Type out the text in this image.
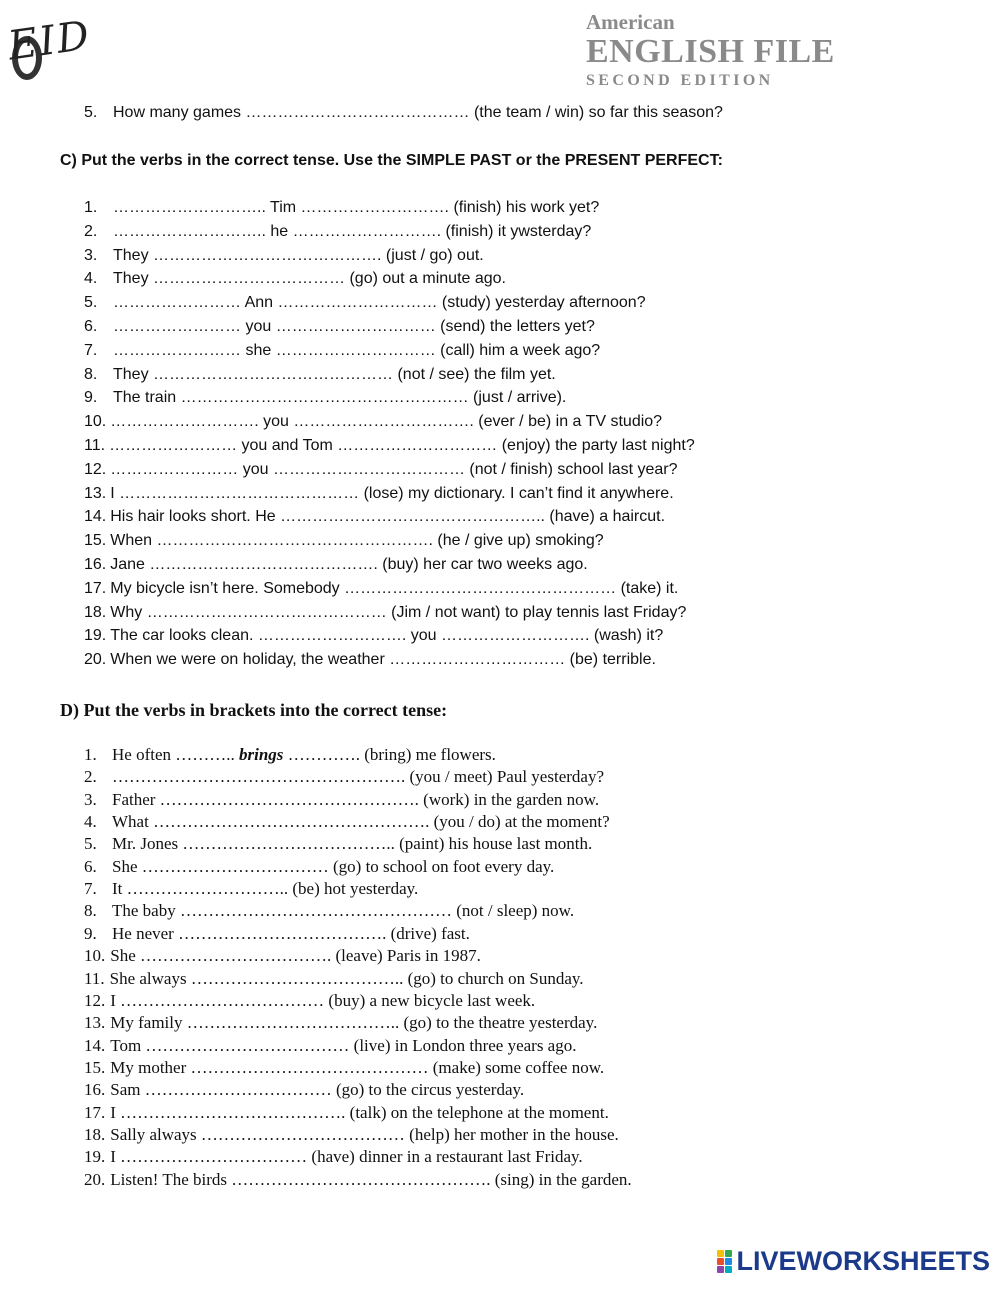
EID	American
ENGLISH FILE
SECOND EDITION
5. How many games …………………………………… (the team / win) so far this season?
C) Put the verbs in the correct tense. Use the SIMPLE PAST or the PRESENT PERFECT:
1. ……………………….. Tim ………………………. (finish) his work yet?
2. ……………………….. he ………………………. (finish) it ywsterday?
3. They ……………………………………. (just / go) out.
4. They ……………………………… (go) out a minute ago.
5. …………………… Ann ………………………… (study) yesterday afternoon?
6. …………………… you ………………………… (send) the letters yet?
7. …………………… she ………………………… (call) him a week ago?
8. They ……………………………………… (not / see) the film yet.
9. The train ……………………………………………… (just / arrive).
10. ………………………. you ……………………………. (ever / be) in a TV studio?
11. …………………… you and Tom ………………………… (enjoy) the party last night?
12. …………………… you ……………………………… (not / finish) school last year?
13. I ……………………………………… (lose) my dictionary. I can’t find it anywhere.
14. His hair looks short. He ………………………………………….. (have) a haircut.
15. When ……………………………………………. (he / give up) smoking?
16. Jane ……………………………………. (buy) her car two weeks ago.
17. My bicycle isn’t here. Somebody …………………………………………… (take) it.
18. Why ……………………………………… (Jim / not want) to play tennis last Friday?
19. The car looks clean. ………………………. you ………………………. (wash) it?
20. When we were on holiday, the weather …………………………… (be) terrible.
D) Put the verbs in brackets into the correct tense:
1. He often ……….. brings …………. (bring) me flowers.
2. ……………………………………………. (you / meet) Paul yesterday?
3. Father ………………………………………. (work) in the garden now.
4. What …………………………………………. (you / do) at the moment?
5. Mr. Jones ……………………………….. (paint) his house last month.
6. She …………………………… (go) to school on foot every day.
7. It ……………………….. (be) hot yesterday.
8. The baby ………………………………………… (not / sleep) now.
9. He never ………………………………. (drive) fast.
10. She ……………………………. (leave) Paris in 1987.
11. She always ……………………………….. (go) to church on Sunday.
12. I ……………………………… (buy) a new bicycle last week.
13. My family ……………………………….. (go) to the theatre yesterday.
14. Tom ……………………………… (live) in London three years ago.
15. My mother …………………………………… (make) some coffee now.
16. Sam …………………………… (go) to the circus yesterday.
17. I …………………………………. (talk) on the telephone at the moment.
18. Sally always ……………………………… (help) her mother in the house.
19. I …………………………… (have) dinner in a restaurant last Friday.
20. Listen! The birds ………………………………………. (sing) in the garden.
LIVEWORKSHEETS
